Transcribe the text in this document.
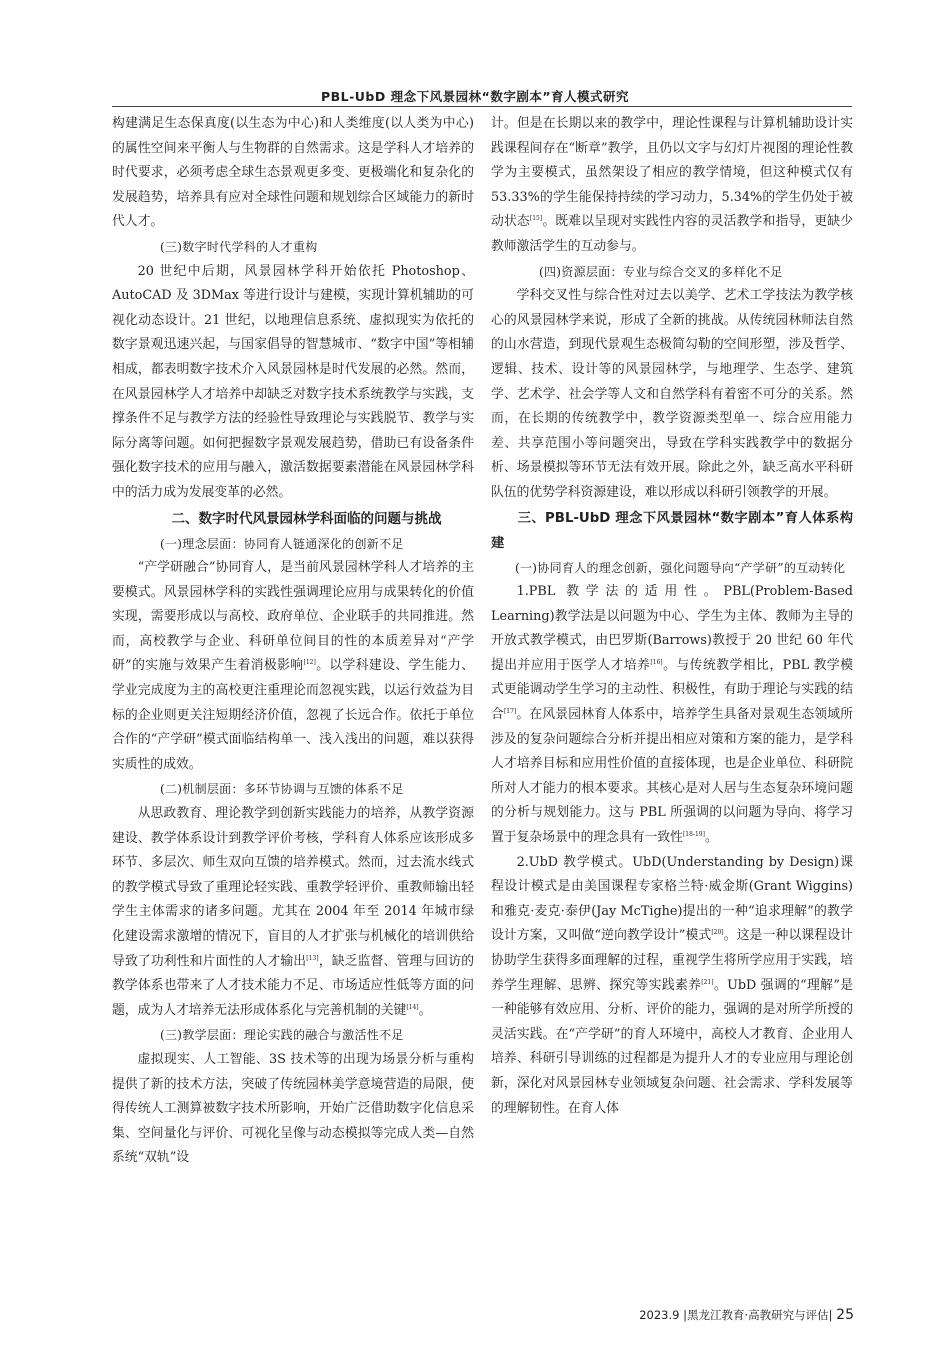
PBL-UbD 理念下风景园林“数字剧本”育人模式研究

构建满足生态保真度(以生态为中心)和人类维度(以人类为中心)的属性空间来平衡人与生物群的自然需求。这是学科人才培养的时代要求，必须考虑全球生态景观更多变、更极端化和复杂化的发展趋势，培养具有应对全球性问题和规划综合区域能力的新时代人才。

(三)数字时代学科的人才重构

20 世纪中后期，风景园林学科开始依托 Photoshop、AutoCAD 及 3DMax 等进行设计与建模，实现计算机辅助的可视化动态设计。21 世纪，以地理信息系统、虚拟现实为依托的数字景观迅速兴起，与国家倡导的智慧城市、“数字中国”等相辅相成，都表明数字技术介入风景园林是时代发展的必然。然而，在风景园林学人才培养中却缺乏对数字技术系统教学与实践，支撑条件不足与教学方法的经验性导致理论与实践脱节、教学与实际分离等问题。如何把握数字景观发展趋势，借助已有设备条件强化数字技术的应用与融入，激活数据要素潜能在风景园林学科中的活力成为发展变革的必然。

二、数字时代风景园林学科面临的问题与挑战

(一)理念层面：协同育人链通深化的创新不足

“产学研融合”协同育人，是当前风景园林学科人才培养的主要模式。风景园林学科的实践性强调理论应用与成果转化的价值实现，需要形成以与高校、政府单位、企业联手的共同推进。然而，高校教学与企业、科研单位间目的性的本质差异对“产学研”的实施与效果产生着消极影响[12]。以学科建设、学生能力、学业完成度为主的高校更注重理论而忽视实践，以运行效益为目标的企业则更关注短期经济价值，忽视了长远合作。依托于单位合作的“产学研”模式面临结构单一、浅入浅出的问题，难以获得实质性的成效。

(二)机制层面：多环节协调与互馈的体系不足

从思政教育、理论教学到创新实践能力的培养，从教学资源建设、教学体系设计到教学评价考核，学科育人体系应该形成多环节、多层次、师生双向互馈的培养模式。然而，过去流水线式的教学模式导致了重理论轻实践、重教学轻评价、重教师输出轻学生主体需求的诸多问题。尤其在 2004 年至 2014 年城市绿化建设需求激增的情况下，盲目的人才扩张与机械化的培训供给导致了功利性和片面性的人才输出[13]，缺乏监督、管理与回访的教学体系也带来了人才技术能力不足、市场适应性低等方面的问题，成为人才培养无法形成体系化与完善机制的关键[14]。

(三)教学层面：理论实践的融合与激活性不足

虚拟现实、人工智能、3S 技术等的出现为场景分析与重构提供了新的技术方法，突破了传统园林美学意境营造的局限，使得传统人工测算被数字技术所影响，开始广泛借助数字化信息采集、空间量化与评价、可视化呈像与动态模拟等完成人类—自然系统“双轨”设

计。但是在长期以来的教学中，理论性课程与计算机辅助设计实践课程间存在“断章”教学，且仍以文字与幻灯片视图的理论性教学为主要模式，虽然架设了相应的教学情境，但这种模式仅有 53.33%的学生能保持持续的学习动力，5.34%的学生仍处于被动状态[15]。既难以呈现对实践性内容的灵活教学和指导，更缺少教师激活学生的互动参与。

(四)资源层面：专业与综合交叉的多样化不足

学科交叉性与综合性对过去以美学、艺术工学技法为教学核心的风景园林学来说，形成了全新的挑战。从传统园林师法自然的山水营造，到现代景观生态极简勾勒的空间形塑，涉及哲学、逻辑、技术、设计等的风景园林学，与地理学、生态学、建筑学、艺术学、社会学等人文和自然学科有着密不可分的关系。然而，在长期的传统教学中，教学资源类型单一、综合应用能力差、共享范围小等问题突出，导致在学科实践教学中的数据分析、场景模拟等环节无法有效开展。除此之外，缺乏高水平科研队伍的优势学科资源建设，难以形成以科研引领教学的开展。

三、PBL-UbD 理念下风景园林“数字剧本”育人体系构建

(一)协同育人的理念创新，强化问题导向“产学研”的互动转化

1.PBL 教学法的适用性。PBL(Problem-Based Learning)教学法是以问题为中心、学生为主体、教师为主导的开放式教学模式，由巴罗斯(Barrows)教授于 20 世纪 60 年代提出并应用于医学人才培养[16]。与传统教学相比，PBL 教学模式更能调动学生学习的主动性、积极性，有助于理论与实践的结合[17]。在风景园林育人体系中，培养学生具备对景观生态领域所涉及的复杂问题综合分析并提出相应对策和方案的能力，是学科人才培养目标和应用性价值的直接体现，也是企业单位、科研院所对人才能力的根本要求。其核心是对人居与生态复杂环境问题的分析与规划能力。这与 PBL 所强调的以问题为导向、将学习置于复杂场景中的理念具有一致性[18-19]。

2.UbD 教学模式。UbD(Understanding by Design)课程设计模式是由美国课程专家格兰特·威金斯(Grant Wiggins)和雅克·麦克·泰伊(Jay McTighe)提出的一种“追求理解”的教学设计方案，又叫做“逆向教学设计”模式[20]。这是一种以课程设计协助学生获得多面理解的过程，重视学生将所学应用于实践，培养学生理解、思辨、探究等实践素养[21]。UbD 强调的“理解”是一种能够有效应用、分析、评价的能力，强调的是对所学所授的灵活实践。在“产学研”的育人环境中，高校人才教育、企业用人培养、科研引导训练的过程都是为提升人才的专业应用与理论创新，深化对风景园林专业领域复杂问题、社会需求、学科发展等的理解韧性。在育人体

2023.9 |黑龙江教育·高教研究与评估| 25
